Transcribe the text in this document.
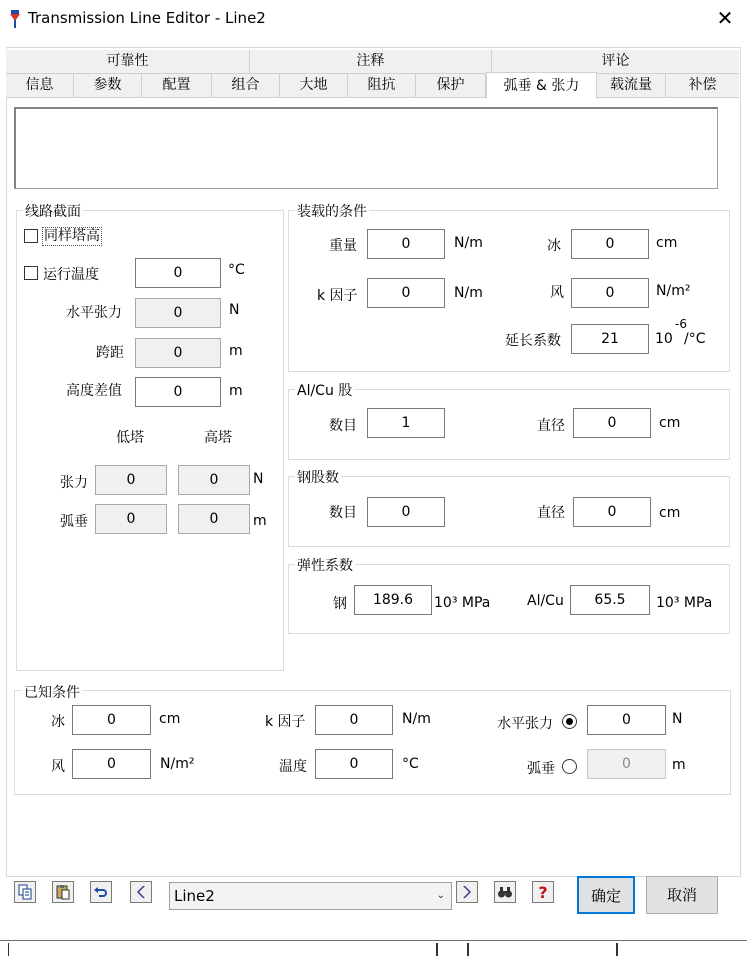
Transmission Line Editor - Line2	✕
可靠性	注释	评论
信息	参数	配置	组合	大地	阻抗	保护	弧垂 & 张力	载流量	补偿
线路截面
同样塔高
运行温度	0	°C
水平张力	0	N
跨距	0	m
高度差值	0	m
低塔	高塔
张力	0	0	N
弧垂	0	0	m
装载的条件
重量	0	N/m	冰	0	cm
k 因子	0	N/m	风	0	N/m²
延长系数	21	10
-6
/°C
Al/Cu 股
数目	1	直径	0	cm
钢股数
数目	0	直径	0	cm
弹性系数
钢	189.6	10³ MPa	Al/Cu	65.5	10³ MPa
已知条件
冰	0	cm	k 因子	0	N/m	水平张力	0	N
风	0	N/m²	温度	0	°C	弧垂	0	m
Line2	⌄	?	确定	取消
